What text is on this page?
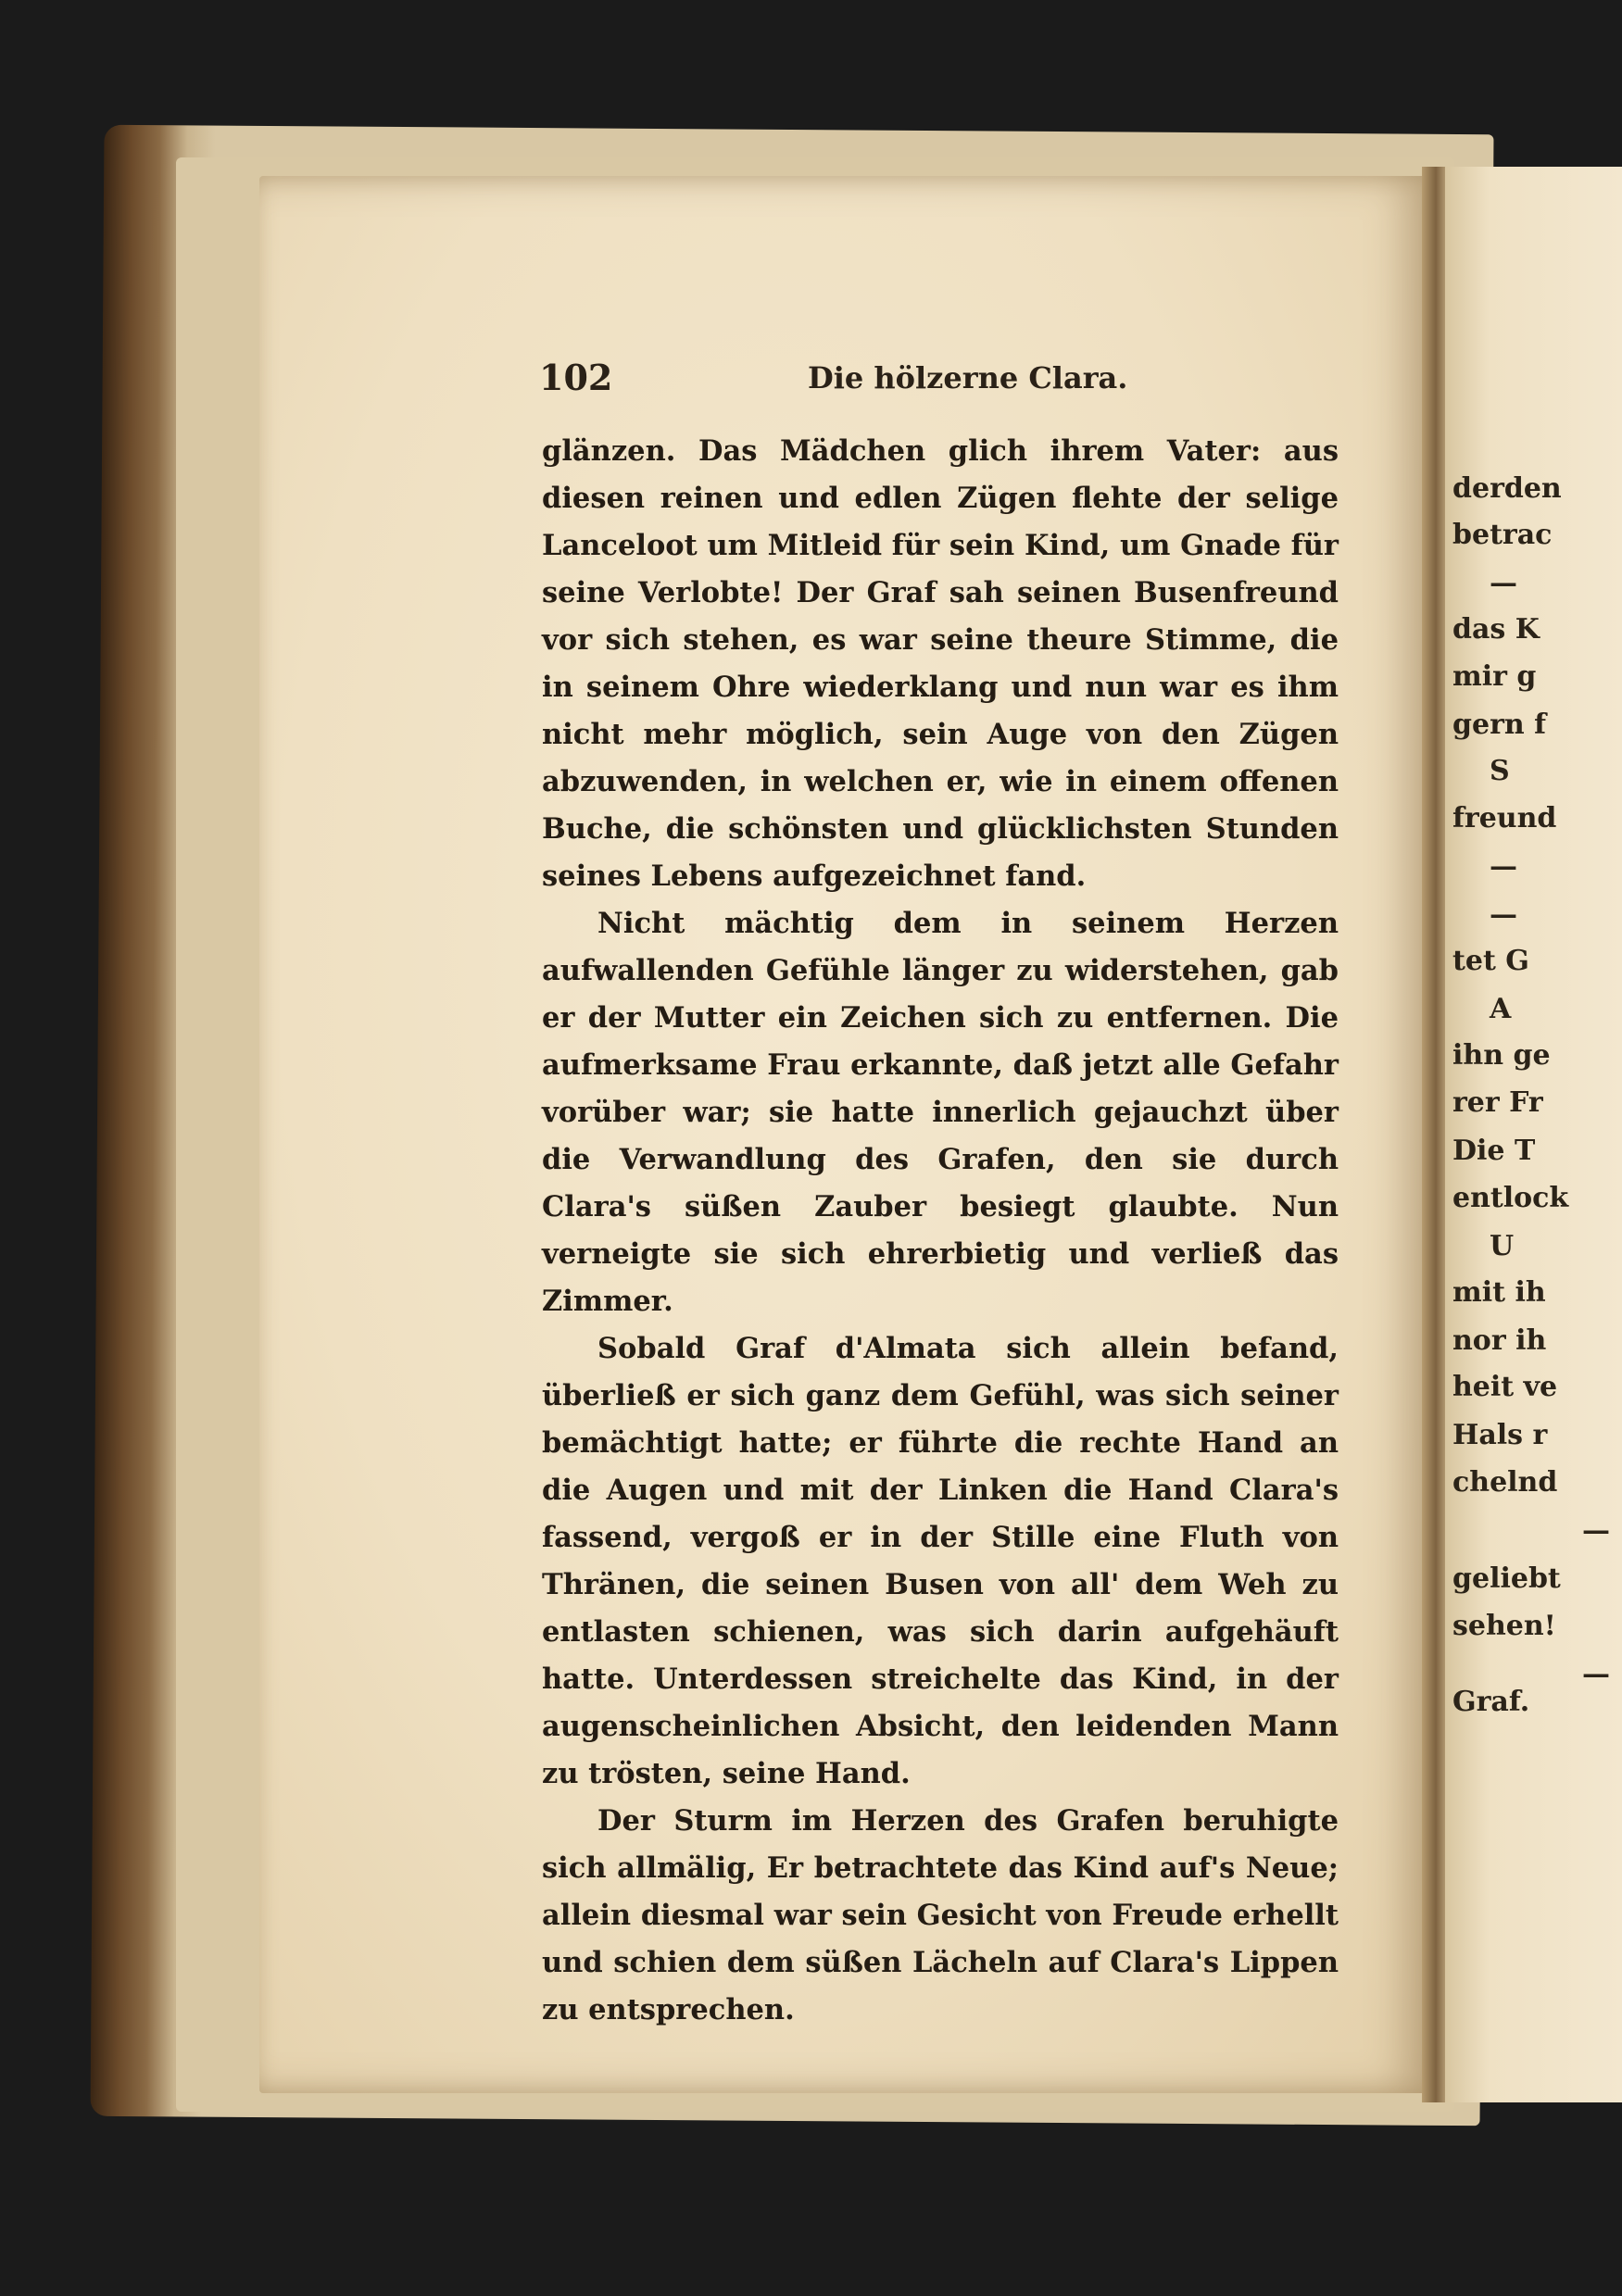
derden
betrac
—
das K
mir g
gern f
S
freund
—
—
tet G
A
ihn ge
rer Fr
Die T
entlock
U
mit ih
nor ih
heit ve
Hals r
chelnd
—
geliebt
sehen!
—
Graf.
102	Die hölzerne Clara.

glänzen. Das Mädchen glich ihrem Vater: aus diesen reinen und edlen Zügen flehte der selige Lanceloot um Mitleid für sein Kind, um Gnade für seine Verlobte! Der Graf sah seinen Busenfreund vor sich stehen, es war seine theure Stimme, die in seinem Ohre wiederklang und nun war es ihm nicht mehr möglich, sein Auge von den Zügen abzuwenden, in welchen er, wie in einem offenen Buche, die schönsten und glücklichsten Stunden seines Lebens aufgezeichnet fand.

Nicht mächtig dem in seinem Herzen aufwallenden Gefühle länger zu widerstehen, gab er der Mutter ein Zeichen sich zu entfernen. Die aufmerksame Frau erkannte, daß jetzt alle Gefahr vorüber war; sie hatte innerlich gejauchzt über die Verwandlung des Grafen, den sie durch Clara's süßen Zauber besiegt glaubte. Nun verneigte sie sich ehrerbietig und verließ das Zimmer.

Sobald Graf d'Almata sich allein befand, überließ er sich ganz dem Gefühl, was sich seiner bemächtigt hatte; er führte die rechte Hand an die Augen und mit der Linken die Hand Clara's fassend, vergoß er in der Stille eine Fluth von Thränen, die seinen Busen von all' dem Weh zu entlasten schienen, was sich darin aufgehäuft hatte. Unterdessen streichelte das Kind, in der augenscheinlichen Absicht, den leidenden Mann zu trösten, seine Hand.

Der Sturm im Herzen des Grafen beruhigte sich allmälig, Er betrachtete das Kind auf's Neue; allein diesmal war sein Gesicht von Freude erhellt und schien dem süßen Lächeln auf Clara's Lippen zu entsprechen.
